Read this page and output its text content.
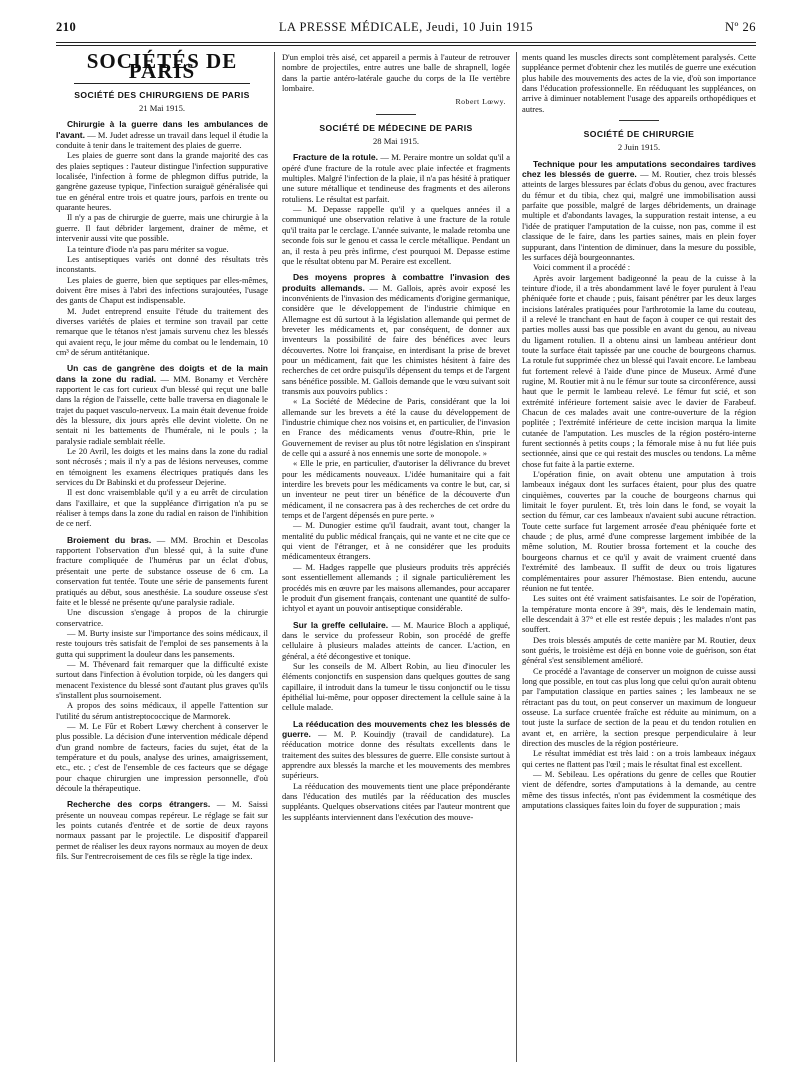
210	LA PRESSE MÉDICALE, Jeudi, 10 Juin 1915	Nº 26
SOCIÉTÉS DE PARIS
SOCIÉTÉ DES CHIRURGIENS DE PARIS
21 Mai 1915.

Chirurgie à la guerre dans les ambulances de l'avant. — M. Judet adresse un travail dans lequel il étudie la conduite à tenir dans le traitement des plaies de guerre.

Les plaies de guerre sont dans la grande majorité des cas des plaies septiques : l'auteur distingue l'infection suppurative localisée, l'infection à forme de phlegmon diffus putride, la gangrène gazeuse typique, l'infection suraiguë généralisée qui tue en général entre trois et quatre jours, parfois en trente ou quarante heures.

Il n'y a pas de chirurgie de guerre, mais une chirurgie à la guerre. Il faut débrider largement, drainer de même, et intervenir aussi vite que possible.

La teinture d'iode n'a pas paru mériter sa vogue.

Les antiseptiques variés ont donné des résultats très inconstants.

Les plaies de guerre, bien que septiques par elles-mêmes, doivent être mises à l'abri des infections surajoutées, l'usage des gants de Chaput est indispensable.

M. Judet entreprend ensuite l'étude du traitement des diverses variétés de plaies et termine son travail par cette remarque que le tétanos n'est jamais survenu chez les blessés qui avaient reçu, le jour même du combat ou le lendemain, 10 cm³ de sérum antitétanique.

Un cas de gangrène des doigts et de la main dans la zone du radial. — MM. Bonamy et Verchère rapportent le cas fort curieux d'un blessé qui reçut une balle dans la région de l'aisselle, cette balle traversa en diagonale le trajet du paquet vasculo-nerveux. La main était devenue froide dès la blessure, dix jours après elle devint violette. On ne sentait ni les battements de l'humérale, ni le pouls ; la paralysie radiale semblait réelle.

Le 20 Avril, les doigts et les mains dans la zone du radial sont nécrosés ; mais il n'y a pas de lésions nerveuses, comme en témoignent les examens électriques pratiqués dans les services du Dr Babinski et du professeur Dejerine.

Il est donc vraisemblable qu'il y a eu arrêt de circulation dans l'axillaire, et que la suppléance d'irrigation n'a pu se réaliser à temps dans la zone du radial en raison de l'inhibition de ce nerf.

Broiement du bras. — MM. Brochin et Descolas rapportent l'observation d'un blessé qui, à la suite d'une fracture compliquée de l'humérus par un éclat d'obus, présentait une perte de substance osseuse de 6 cm. La conservation fut tentée. Toute une série de pansements furent pratiqués au début, sous anesthésie. La soudure osseuse s'est faite et le blessé ne présente qu'une paralysie radiale.

Une discussion s'engage à propos de la chirurgie conservatrice.

— M. Burty insiste sur l'importance des soins médicaux, il reste toujours très satisfait de l'emploi de ses pansements à la gutta qui suppriment la douleur dans les pansements.

— M. Thévenard fait remarquer que la difficulté existe surtout dans l'infection à évolution torpide, où les dangers qui menacent l'existence du blessé sont d'autant plus graves qu'ils s'installent plus sournoisement.

A propos des soins médicaux, il appelle l'attention sur l'utilité du sérum antistreptococcique de Marmorek.

— M. Le Fûr et Robert Lœwy cherchent à conserver le plus possible. La décision d'une intervention médicale dépend d'un grand nombre de facteurs, facies du sujet, état de la température et du pouls, analyse des urines, amaigrissement, etc., etc. ; c'est de l'ensemble de ces facteurs que se dégage pour chaque chirurgien une impression personnelle, d'où découle la thérapeutique.

Recherche des corps étrangers. — M. Saissi présente un nouveau compas repéreur. Le réglage se fait sur les points cutanés d'entrée et de sortie de deux rayons normaux passant par le projectile. Le dispositif d'appareil permet de réaliser les deux rayons normaux au moyen de deux fils. Sur l'entrecroisement de ces fils se règle la tige index.

D'un emploi très aisé, cet appareil a permis à l'auteur de retrouver nombre de projectiles, entre autres une balle de shrapnell, logée dans la partie antéro-latérale gauche du corps de la IIe vertèbre lombaire.

Robert Lœwy.
SOCIÉTÉ DE MÉDECINE DE PARIS
28 Mai 1915.

Fracture de la rotule. — M. Peraire montre un soldat qu'il a opéré d'une fracture de la rotule avec plaie infectée et fragments multiples. Malgré l'infection de la plaie, il n'a pas hésité à pratiquer une suture métallique et tendineuse des fragments et des ailerons rotuliens. Le résultat est parfait.

— M. Depasse rappelle qu'il y a quelques années il a communiqué une observation relative à une fracture de la rotule qu'il traita par le cerclage. L'année suivante, le malade retomba une seconde fois sur le genou et cassa le cercle métallique. Pendant un an, il resta à peu près infirme, c'est pourquoi M. Depasse estime que le résultat obtenu par M. Peraire est excellent.

Des moyens propres à combattre l'invasion des produits allemands. — M. Gallois, après avoir exposé les inconvénients de l'invasion des médicaments d'origine germanique, considère que le développement de l'industrie chimique en Allemagne est dû surtout à la législation allemande qui permet de breveter les médicaments et, par conséquent, de donner aux inventeurs la possibilité de faire des bénéfices avec leurs découvertes. Notre loi française, en interdisant la prise de brevet pour un médicament, fait que les chimistes hésitent à faire des recherches de cet ordre puisqu'ils dépensent du temps et de l'argent sans bénéfice possible. M. Gallois demande que le vœu suivant soit transmis aux pouvoirs publics :

« La Société de Médecine de Paris, considérant que la loi allemande sur les brevets a été la cause du développement de l'industrie chimique chez nos voisins et, en particulier, de l'invasion en France des médicaments venus d'outre-Rhin, prie le Gouvernement de reviser au plus tôt notre législation en s'inspirant de celle qui a assuré à nos ennemis une sorte de monopole. »

« Elle le prie, en particulier, d'autoriser la délivrance du brevet pour les médicaments nouveaux. L'idée humanitaire qui a fait interdire les brevets pour les médicaments va contre le but, car, si un inventeur ne peut tirer un bénéfice de la découverte d'un médicament, il ne consacrera pas à des recherches de cet ordre du temps et de l'argent dépensés en pure perte. »

— M. Dunogier estime qu'il faudrait, avant tout, changer la mentalité du public médical français, qui ne vante et ne cite que ce qui vient de l'étranger, et à ne considérer que les produits médicamenteux étrangers.

— M. Hadges rappelle que plusieurs produits très appréciés sont essentiellement allemands ; il signale particulièrement les procédés mis en œuvre par les maisons allemandes, pour accaparer le produit d'un gisement français, contenant une quantité de sulfo-ichtyol et ayant un pouvoir antiseptique considérable.

Sur la greffe cellulaire. — M. Maurice Bloch a appliqué, dans le service du professeur Robin, son procédé de greffe cellulaire à plusieurs malades atteints de cancer. L'action, en général, a été décongestive et tonique.

Sur les conseils de M. Albert Robin, au lieu d'inoculer les éléments conjonctifs en suspension dans quelques gouttes de sang capillaire, il introduit dans la tumeur le tissu conjonctif ou le tissu épithélial lui-même, pour opposer directement la cellule saine à la cellule malade.

La rééducation des mouvements chez les blessés de guerre. — M. P. Kouindjy (travail de candidature). La rééducation motrice donne des résultats excellents dans le traitement des suites des blessures de guerre. Elle consiste surtout à apprendre aux blessés la marche et les mouvements des membres supérieurs.

La rééducation des mouvements tient une place prépondérante dans l'éducation des mutilés par la rééducation des muscles suppléants. Quelques observations citées par l'auteur montrent que les suppléants interviennent dans l'exécution des mouve-

ments quand les muscles directs sont complètement paralysés. Cette suppléance permet d'obtenir chez les mutilés de guerre une exécution plus habile des mouvements des actes de la vie, d'où son importance dans l'éducation professionnelle. En rééduquant les suppléances, on arrive à diminuer notablement l'usage des appareils orthopédiques et autres.

SOCIÉTÉ DE CHIRURGIE
2 Juin 1915.

Technique pour les amputations secondaires tardives chez les blessés de guerre. — M. Routier, chez trois blessés atteints de larges blessures par éclats d'obus du genou, avec fractures du fémur et du tibia, chez qui, malgré une immobilisation aussi parfaite que possible, malgré de larges débridements, un drainage multiple et d'abondants lavages, la suppuration restait intense, a eu l'idée de pratiquer l'amputation de la cuisse, non pas, comme il est classique de le faire, dans les parties saines, mais en plein foyer suppurant, dans l'intention de diminuer, dans la mesure du possible, les surfaces déjà bourgeonnantes.

Voici comment il a procédé :

Après avoir largement badigeonné la peau de la cuisse à la teinture d'iode, il a très abondamment lavé le foyer purulent à l'eau phéniquée forte et chaude ; puis, faisant pénétrer par les deux larges incisions latérales pratiquées pour l'arthrotomie la lame du couteau, il a relevé le tranchant en haut de façon à couper ce qui restait des parties molles aussi bas que possible en avant du genou, au niveau du ligament rotulien. Il a obtenu ainsi un lambeau antérieur dont toute la surface était tapissée par une couche de bourgeons charnus. La rotule fut supprimée chez un blessé qui l'avait encore. Le lambeau fut fortement relevé à l'aide d'une pince de Museux. Armé d'une rugine, M. Routier mit à nu le fémur sur toute sa circonférence, aussi haut que le permit le lambeau relevé. Le fémur fut scié, et son extrémité inférieure fortement saisie avec le davier de Farabeuf. Chacun de ces malades avait une contre-ouverture de la région poplitée ; l'extrémité inférieure de cette incision marqua la limite cutanée de l'amputation. Les muscles de la région postéro-interne furent sectionnés à petits coups ; la fémorale mise à nu fut liée puis sectionnée, ainsi que ce qui restait des muscles ou tendons. La même chose fut faite à la partie externe.

L'opération finie, on avait obtenu une amputation à trois lambeaux inégaux dont les surfaces étaient, pour plus des quatre cinquièmes, couvertes par la couche de bourgeons charnus qui limitait le foyer purulent. Et, très loin dans le fond, se voyait la section du fémur, car ces lambeaux n'avaient subi aucune rétraction. Toute cette surface fut largement arrosée d'eau phéniquée forte et chaude ; de plus, armé d'une compresse largement imbibée de la même solution, M. Routier brossa fortement et la couche des bourgeons charnus et ce qu'il y avait de vraiment cruenté dans l'extrémité des lambeaux. Il suffit de deux ou trois ligatures complémentaires pour assurer l'hémostase. Bien entendu, aucune réunion ne fut tentée.

Les suites ont été vraiment satisfaisantes. Le soir de l'opération, la température monta encore à 39°, mais, dès le lendemain matin, elle descendait à 37° et elle est restée depuis ; les malades n'ont pas souffert.

Des trois blessés amputés de cette manière par M. Routier, deux sont guéris, le troisième est déjà en bonne voie de guérison, son état général s'est sensiblement amélioré.

Ce procédé a l'avantage de conserver un moignon de cuisse aussi long que possible, en tout cas plus long que celui qu'on aurait obtenu par l'amputation classique en parties saines ; les lambeaux ne se rétractant pas du tout, on peut conserver un maximum de longueur osseuse. La surface cruentée fraîche est réduite au minimum, on a tout juste la surface de section de la peau et du tendon rotulien en avant et, en arrière, la section presque perpendiculaire à leur direction des muscles de la région postérieure.

Le résultat immédiat est très laid : on a trois lambeaux inégaux qui certes ne flattent pas l'œil ; mais le résultat final est excellent.

— M. Sebileau. Les opérations du genre de celles que Routier vient de défendre, sortes d'amputations à la demande, au centre même des tissus infectés, n'ont pas évidemment la cosmétique des amputations classiques faites loin du foyer de suppuration ; mais
